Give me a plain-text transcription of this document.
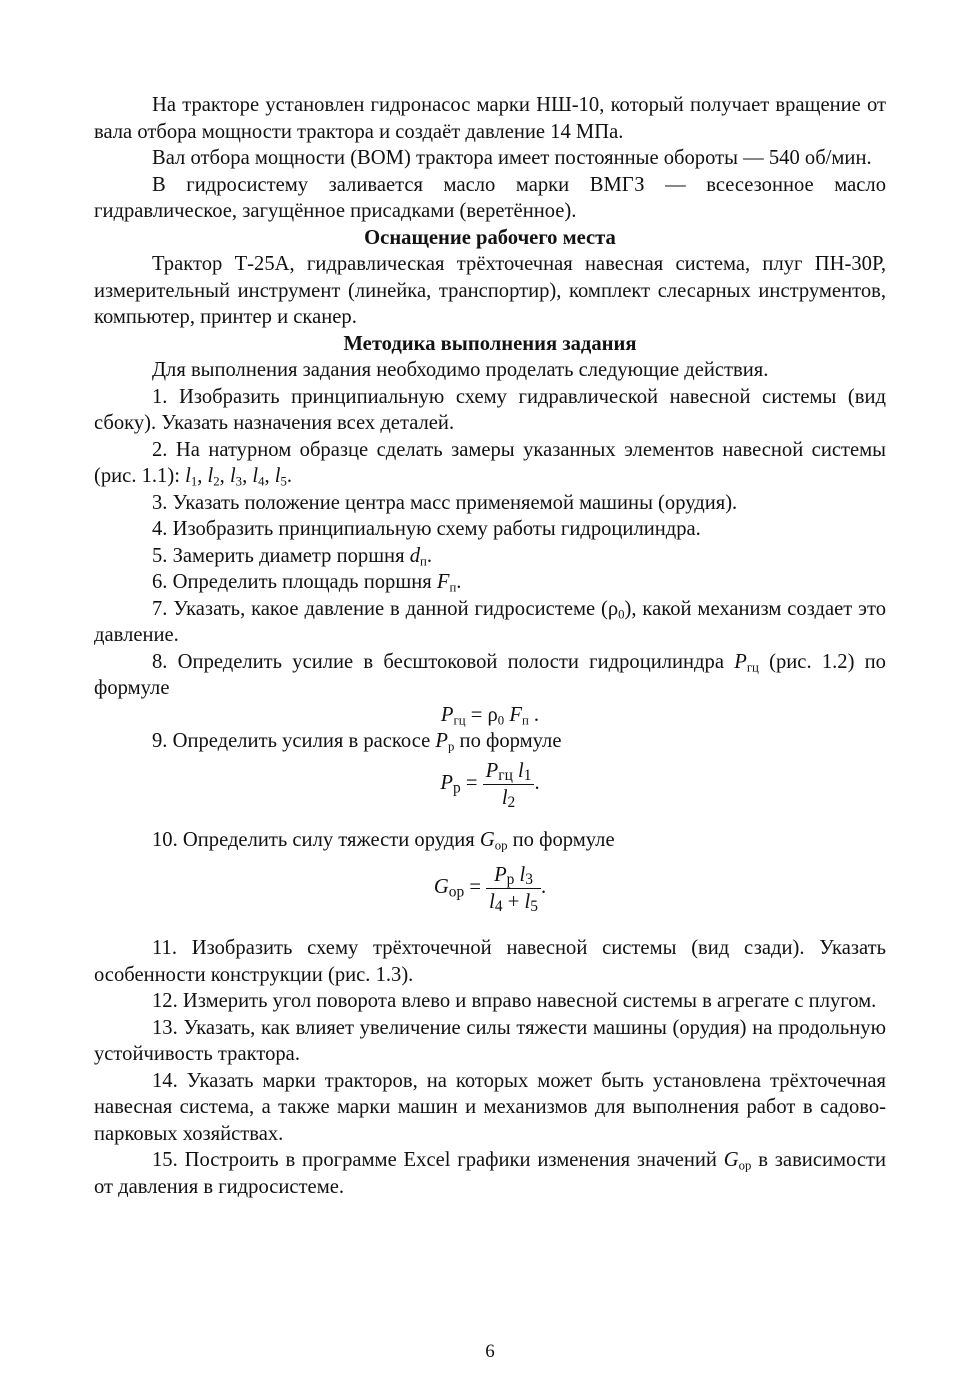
На тракторе установлен гидронасос марки НШ-10, который получает вращение от вала отбора мощности трактора и создаёт давление 14 МПа.

Вал отбора мощности (ВОМ) трактора имеет постоянные обороты — 540 об/мин.

В гидросистему заливается масло марки ВМГЗ — всесезонное масло гидравлическое, загущённое присадками (веретённое).

Оснащение рабочего места

Трактор Т-25А, гидравлическая трёхточечная навесная система, плуг ПН-30Р, измерительный инструмент (линейка, транспортир), комплект слесарных инструментов, компьютер, принтер и сканер.

Методика выполнения задания

Для выполнения задания необходимо проделать следующие действия.

1. Изобразить принципиальную схему гидравлической навесной системы (вид сбоку). Указать назначения всех деталей.

2. На натурном образце сделать замеры указанных элементов навесной системы (рис. 1.1): $l_1$, $l_2$, $l_3$, $l_4$, $l_5$.

3. Указать положение центра масс применяемой машины (орудия).

4. Изобразить принципиальную схему работы гидроцилиндра.

5. Замерить диаметр поршня $d_п$.

6. Определить площадь поршня $F_п$.

7. Указать, какое давление в данной гидросистеме $(\rho_0)$, какой механизм создает это давление.

8. Определить усилие в бесштоковой полости гидроцилиндра $P_{гц}$ (рис. 1.2) по формуле

$P_{гц} = \rho_0$ $F_п$ .

9. Определить усилия в раскосе $P_р$ по формуле

Pр = $\frac{\text{Pгц l1}}{l2}$ .

10. Определить силу тяжести орудия $G_{ор}$ по формуле

Gор = $\frac{\text{Pр l3}}{l4 + l5}$ .

11. Изобразить схему трёхточечной навесной системы (вид сзади). Указать особенности конструкции (рис. 1.3).

12. Измерить угол поворота влево и вправо навесной системы в агрегате с плугом.

13. Указать, как влияет увеличение силы тяжести машины (орудия) на продольную устойчивость трактора.

14. Указать марки тракторов, на которых может быть установлена трёхточечная навесная система, а также марки машин и механизмов для выполнения работ в садово-парковых хозяйствах.

15. Построить в программе Excel графики изменения значений $G_{ор}$ в зависимости от давления в гидросистеме.

6
